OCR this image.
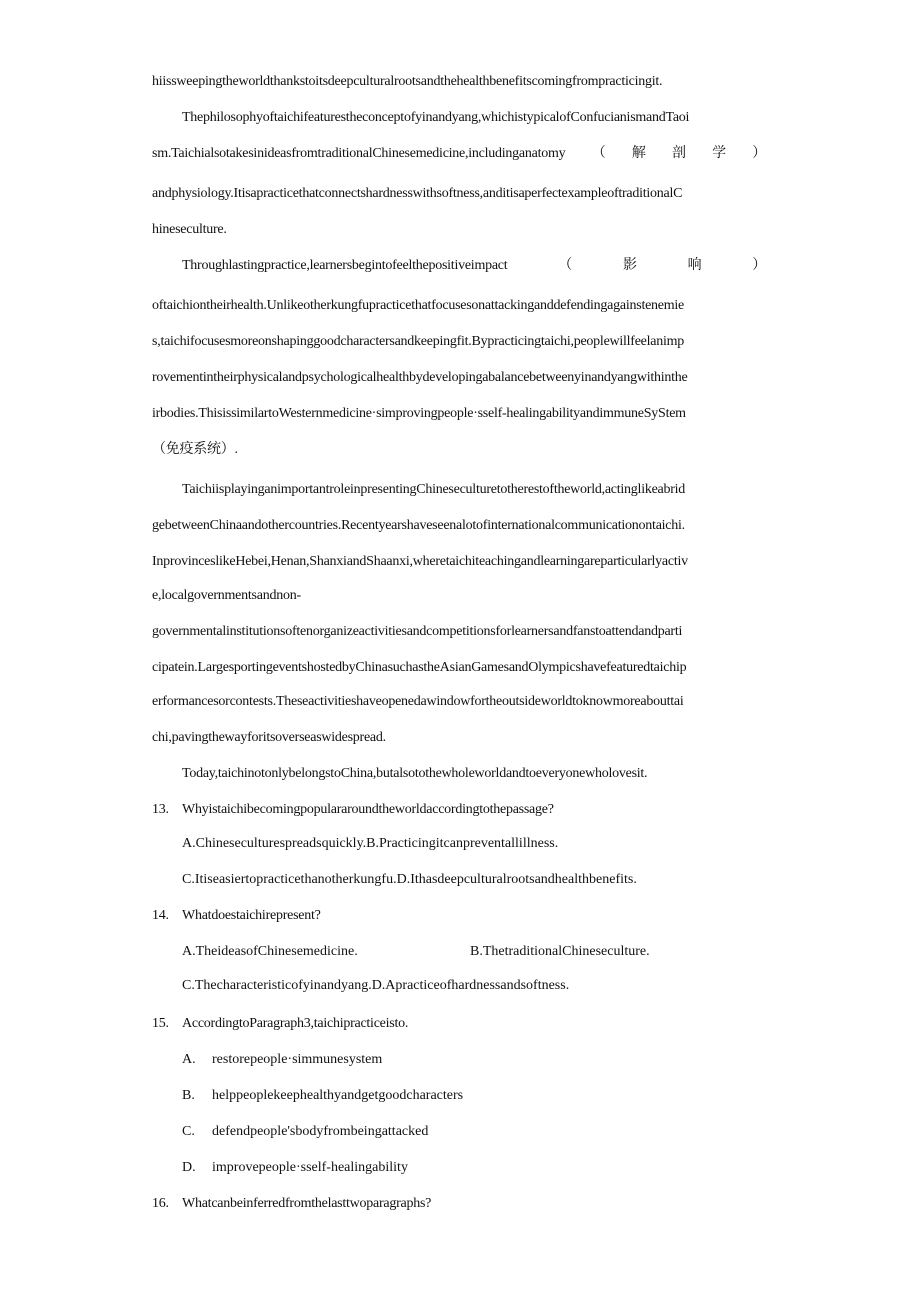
hiissweepingtheworldthankstoitsdeepculturalrootsandthehealthbenefitscomingfrompracticingit.
Thephilosophyoftaichifeaturestheconceptofyinandyang,whichistypicalofConfucianismandTaoi
sm.TaichialsotakesinideasfromtraditionalChinesemedicine,includinganatomy （ 解 剖 学 ）
andphysiology.Itisapracticethatconnectshardnesswithsoftness,anditisaperfectexampleoftraditionalC
hineseculture.
Throughlastingpractice,learnersbegintofeelthepositiveimpact	（	影	响	）
oftaichiontheirhealth.Unlikeotherkungfupracticethatfocusesonattackinganddefendingagainstenemie
s,taichifocusesmoreonshapinggoodcharactersandkeepingfit.Bypracticingtaichi,peoplewillfeelanimp
rovementintheirphysicalandpsychologicalhealthbydevelopingabalancebetweenyinandyangwithinthe
irbodies.ThisissimilartoWesternmedicine·simprovingpeople·sself-healingabilityandimmuneSyStem
（免疫系统）.
TaichiisplayinganimportantroleinpresentingChineseculturetotherestoftheworld,actinglikeabrid
gebetweenChinaandothercountries.Recentyearshaveseenalotofinternationalcommunicationontaichi.
InprovinceslikeHebei,Henan,ShanxiandShaanxi,wheretaichiteachingandlearningareparticularlyactiv
e,localgovernmentsandnon-
governmentalinstitutionsoftenorganizeactivitiesandcompetitionsforlearnersandfanstoattendandparti
cipatein.LargesportingeventshostedbyChinasuchastheAsianGamesandOlympicshavefeaturedtaichip
erformancesorcontests.Theseactivitieshaveopenedawindowfortheoutsideworldtoknowmoreabouttai
chi,pavingthewayforitsoverseaswidespread.
Today,taichinotonlybelongstoChina,butalsotothewholeworldandtoeveryonewholovesit.
13. Whyistaichibecomingpopulararoundtheworldaccordingtothepassage?
A.Chineseculturespreadsquickly.B.Practicingitcanpreventallillness.
C.Itiseasiertopracticethanotherkungfu.D.Ithasdeepculturalrootsandhealthbenefits.
14. Whatdoestaichirepresent?
A.TheideasofChinesemedicine.	B.ThetraditionalChineseculture.
C.Thecharacteristicofyinandyang.D.Apracticeofhardnessandsoftness.
15. AccordingtoParagraph3,taichipracticeisto.
A. restorepeople·simmunesystem
B. helppeoplekeephealthyandgetgoodcharacters
C. defendpeople'sbodyfrombeingattacked
D. improvepeople·sself-healingability
16. Whatcanbeinferredfromthelasttwoparagraphs?
